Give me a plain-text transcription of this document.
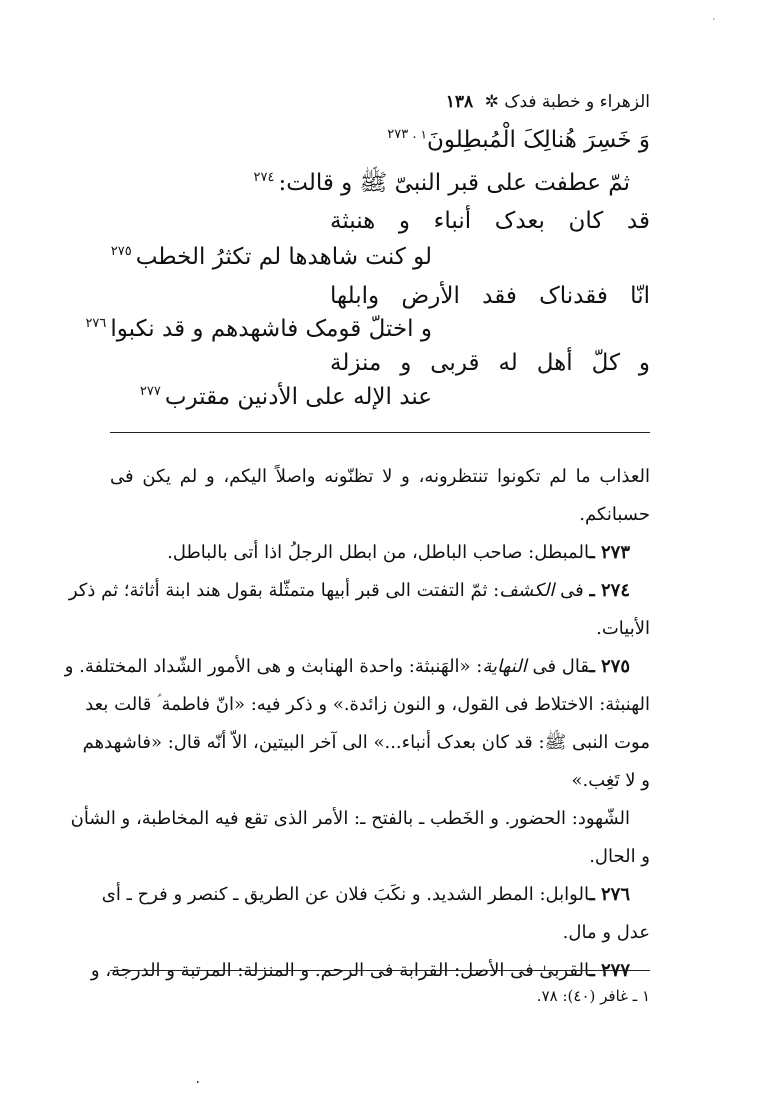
ʼ
الزهراء و خطبة فدک ✲ ١٣٨
وَ خَسِرَ هُنالِکَ الْمُبطِلونَ$^{١. ٢٧٣}$
ثمّ عطفت على قبر النبىّ ﷺ و قالت:$^{٢٧٤}$
قد كان بعدک أنباء و هنبثة
لو كنت شاهدها لم تكثرُ الخطب$^{٢٧٥}$
انّا فقدناک فقد الأرض وابلها
و اختلّ قومک فاشهدهم و قد نكبوا$^{٢٧٦}$
و كلّ أهل له قربى و منزلة
عند الإله على الأدنين مقترب$^{٢٧٧}$
العذاب ما لم تكونوا تنتظرونه، و لا تظنّونه واصلاً اليكم، و لم يكن فى
حسبانكم.
٢٧٣ ـالمبطل: صاحب الباطل، من ابطل الرجلُ اذا أتى بالباطل.
٢٧٤ ـ فى الكشف: ثمّ التفتت الى قبر أبيها متمثّلة بقول هند ابنة أثاثة؛ ثم ذكر
الأبيات.
٢٧٥ ـقال فى النهاية: «الهَنبثة: واحدة الهنابث و هى الأمور الشّداد المختلفة. و
الهنبثة: الاختلاط فى القول، و النون زائدة.» و ذكر فيه: «انّ فاطمة ؑ قالت بعد
موت النبى ﷺ: قد كان بعدک أنباء...» الى آخر البيتين، الاّ أنّه قال: «فاشهدهم
و لا تَغِب.»
الشّهود: الحضور. و الخَطب ـ بالفتح ـ: الأمر الذى تقع فيه المخاطبة، و الشأن
و الحال.
٢٧٦ ـالوابل: المطر الشديد. و نكَبَ فلان عن الطريق ـ كنصر و فرح ـ أى
عدل و مال.
٢٧٧ ـالقربىٰ فى الأصل: القرابة فى الرحم. و المنزلة: المرتبة و الدرجة، و
١ ـ غافر (٤٠): ٧٨.
٠
